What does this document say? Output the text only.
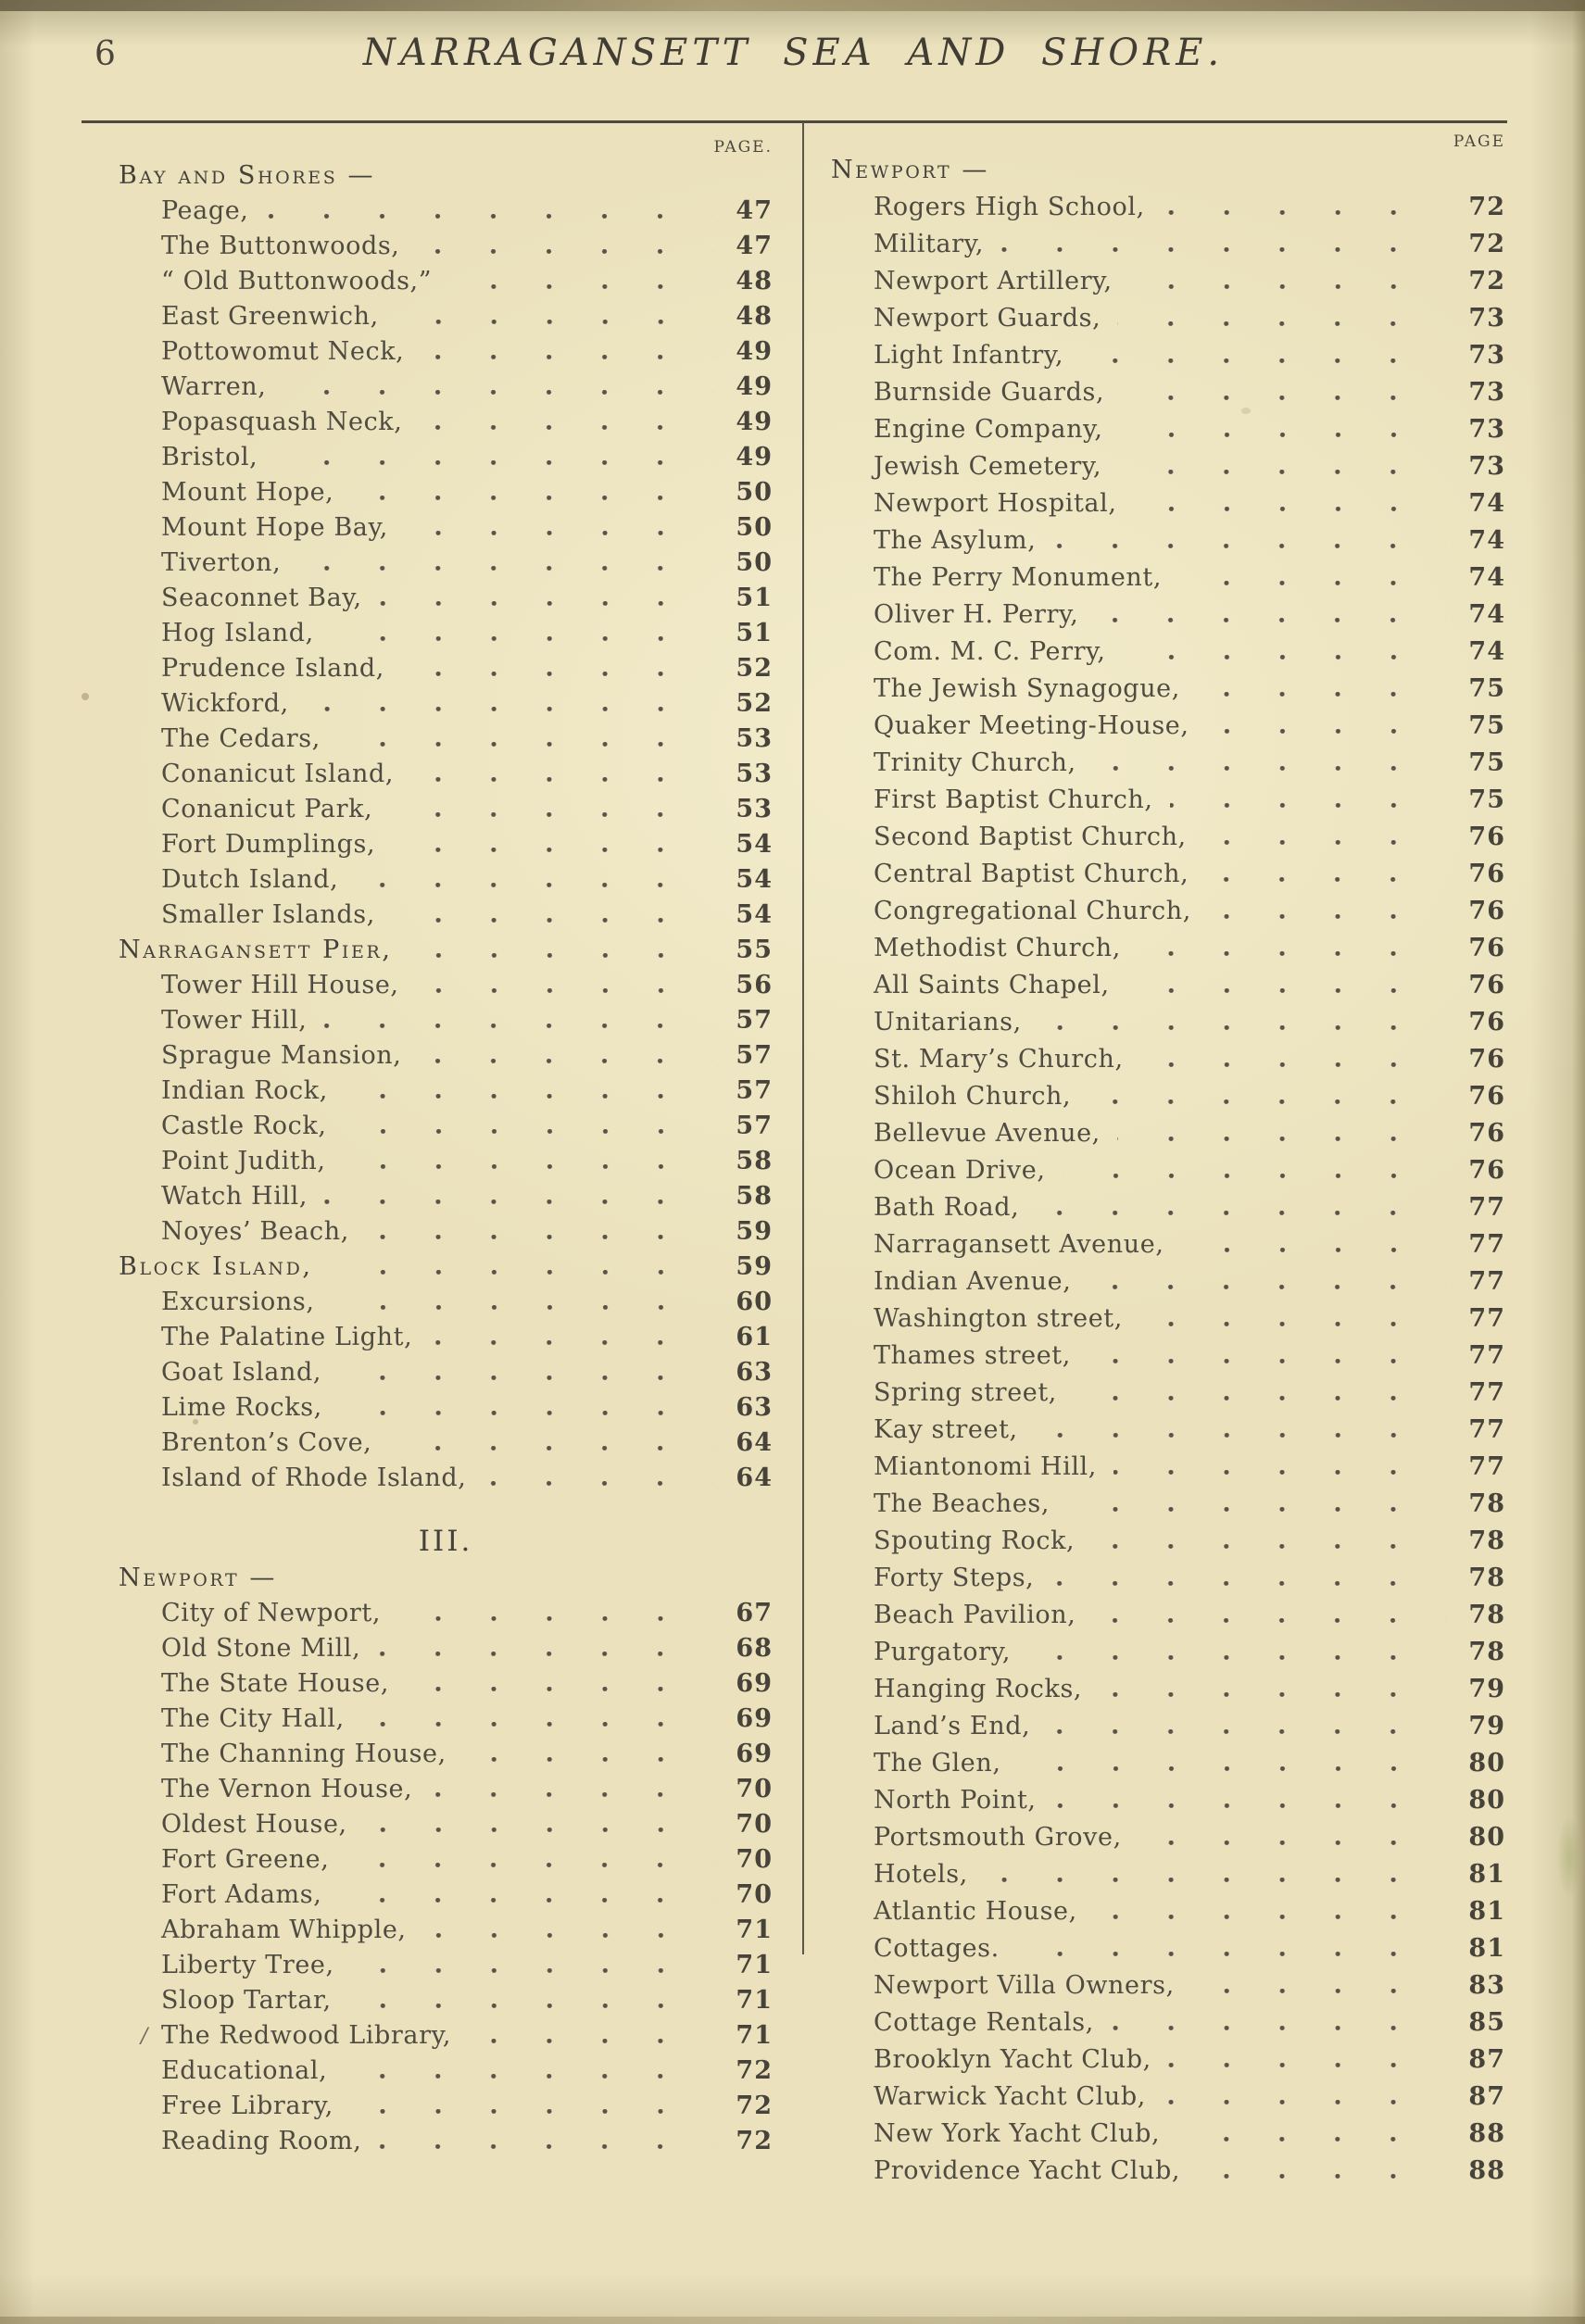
6	NARRAGANSETT SEA AND SHORE.
PAGE.
Bay and Shores —
Peage,	47
The Buttonwoods,	47
“ Old Buttonwoods,”	48
East Greenwich,	48
Pottowomut Neck,	49
Warren,	49
Popasquash Neck,	49
Bristol,	49
Mount Hope,	50
Mount Hope Bay,	50
Tiverton,	50
Seaconnet Bay,	51
Hog Island,	51
Prudence Island,	52
Wickford,	52
The Cedars,	53
Conanicut Island,	53
Conanicut Park,	53
Fort Dumplings,	54
Dutch Island,	54
Smaller Islands,	54
Narragansett Pier,	55
Tower Hill House,	56
Tower Hill,	57
Sprague Mansion,	57
Indian Rock,	57
Castle Rock,	57
Point Judith,	58
Watch Hill,	58
Noyes’ Beach,	59
Block Island,	59
Excursions,	60
The Palatine Light,	61
Goat Island,	63
Lime Rocks,	63
Brenton’s Cove,	64
Island of Rhode Island,	64
III.
Newport —
City of Newport,	67
Old Stone Mill,	68
The State House,	69
The City Hall,	69
The Channing House,	69
The Vernon House,	70
Oldest House,	70
Fort Greene,	70
Fort Adams,	70
Abraham Whipple,	71
Liberty Tree,	71
Sloop Tartar,	71
/ The Redwood Library,	71
Educational,	72
Free Library,	72
Reading Room,	72
PAGE
Newport —
Rogers High School,	72
Military,	72
Newport Artillery,	72
Newport Guards,	73
Light Infantry,	73
Burnside Guards,	73
Engine Company,	73
Jewish Cemetery,	73
Newport Hospital,	74
The Asylum,	74
The Perry Monument,	74
Oliver H. Perry,	74
Com. M. C. Perry,	74
The Jewish Synagogue,	75
Quaker Meeting-House,	75
Trinity Church,	75
First Baptist Church,	75
Second Baptist Church,	76
Central Baptist Church,	76
Congregational Church,	76
Methodist Church,	76
All Saints Chapel,	76
Unitarians,	76
St. Mary’s Church,	76
Shiloh Church,	76
Bellevue Avenue,	76
Ocean Drive,	76
Bath Road,	77
Narragansett Avenue,	77
Indian Avenue,	77
Washington street,	77
Thames street,	77
Spring street,	77
Kay street,	77
Miantonomi Hill,	77
The Beaches,	78
Spouting Rock,	78
Forty Steps,	78
Beach Pavilion,	78
Purgatory,	78
Hanging Rocks,	79
Land’s End,	79
The Glen,	80
North Point,	80
Portsmouth Grove,	80
Hotels,	81
Atlantic House,	81
Cottages.	81
Newport Villa Owners,	83
Cottage Rentals,	85
Brooklyn Yacht Club,	87
Warwick Yacht Club,	87
New York Yacht Club,	88
Providence Yacht Club,	88
